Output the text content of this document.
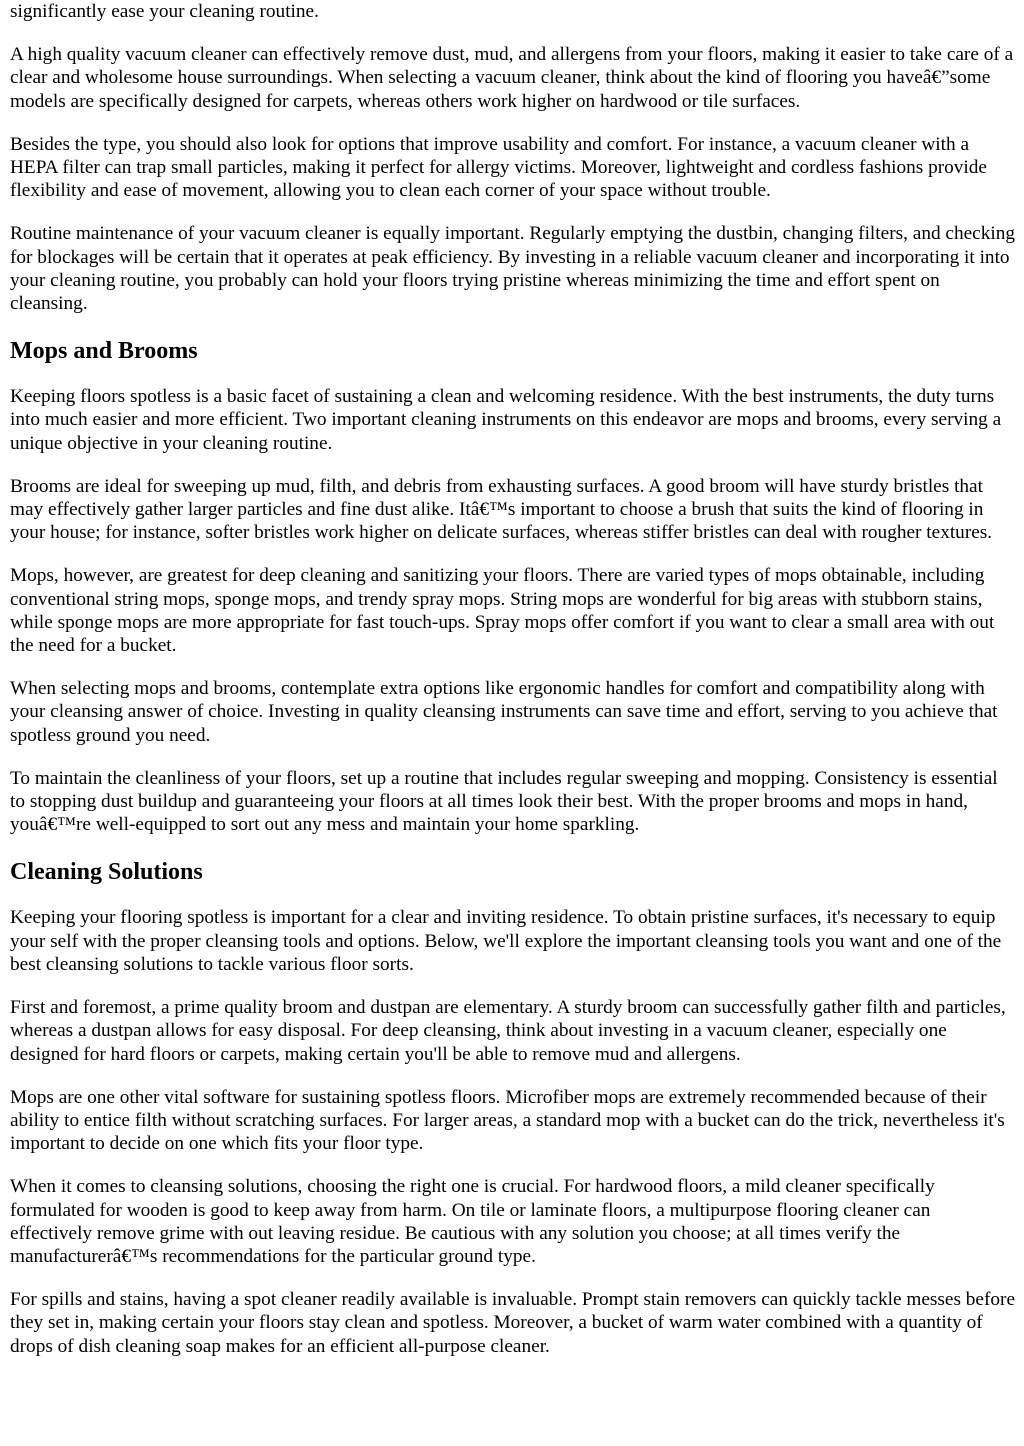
significantly ease your cleaning routine.

A high quality vacuum cleaner can effectively remove dust, mud, and allergens from your floors, making it easier to take care of a clear and wholesome house surroundings. When selecting a vacuum cleaner, think about the kind of flooring you haveâ€”some models are specifically designed for carpets, whereas others work higher on hardwood or tile surfaces.

Besides the type, you should also look for options that improve usability and comfort. For instance, a vacuum cleaner with a HEPA filter can trap small particles, making it perfect for allergy victims. Moreover, lightweight and cordless fashions provide flexibility and ease of movement, allowing you to clean each corner of your space without trouble.

Routine maintenance of your vacuum cleaner is equally important. Regularly emptying the dustbin, changing filters, and checking for blockages will be certain that it operates at peak efficiency. By investing in a reliable vacuum cleaner and incorporating it into your cleaning routine, you probably can hold your floors trying pristine whereas minimizing the time and effort spent on cleansing.

Mops and Brooms

Keeping floors spotless is a basic facet of sustaining a clean and welcoming residence. With the best instruments, the duty turns into much easier and more efficient. Two important cleaning instruments on this endeavor are mops and brooms, every serving a unique objective in your cleaning routine.

Brooms are ideal for sweeping up mud, filth, and debris from exhausting surfaces. A good broom will have sturdy bristles that may effectively gather larger particles and fine dust alike. Itâ€™s important to choose a brush that suits the kind of flooring in your house; for instance, softer bristles work higher on delicate surfaces, whereas stiffer bristles can deal with rougher textures.

Mops, however, are greatest for deep cleaning and sanitizing your floors. There are varied types of mops obtainable, including conventional string mops, sponge mops, and trendy spray mops. String mops are wonderful for big areas with stubborn stains, while sponge mops are more appropriate for fast touch-ups. Spray mops offer comfort if you want to clear a small area with out the need for a bucket.

When selecting mops and brooms, contemplate extra options like ergonomic handles for comfort and compatibility along with your cleansing answer of choice. Investing in quality cleansing instruments can save time and effort, serving to you achieve that spotless ground you need.

To maintain the cleanliness of your floors, set up a routine that includes regular sweeping and mopping. Consistency is essential to stopping dust buildup and guaranteeing your floors at all times look their best. With the proper brooms and mops in hand, youâ€™re well-equipped to sort out any mess and maintain your home sparkling.

Cleaning Solutions

Keeping your flooring spotless is important for a clear and inviting residence. To obtain pristine surfaces, it's necessary to equip your self with the proper cleansing tools and options. Below, we'll explore the important cleansing tools you want and one of the best cleansing solutions to tackle various floor sorts.

First and foremost, a prime quality broom and dustpan are elementary. A sturdy broom can successfully gather filth and particles, whereas a dustpan allows for easy disposal. For deep cleansing, think about investing in a vacuum cleaner, especially one designed for hard floors or carpets, making certain you'll be able to remove mud and allergens.

Mops are one other vital software for sustaining spotless floors. Microfiber mops are extremely recommended because of their ability to entice filth without scratching surfaces. For larger areas, a standard mop with a bucket can do the trick, nevertheless it's important to decide on one which fits your floor type.

When it comes to cleansing solutions, choosing the right one is crucial. For hardwood floors, a mild cleaner specifically formulated for wooden is good to keep away from harm. On tile or laminate floors, a multipurpose flooring cleaner can effectively remove grime with out leaving residue. Be cautious with any solution you choose; at all times verify the manufacturerâ€™s recommendations for the particular ground type.

For spills and stains, having a spot cleaner readily available is invaluable. Prompt stain removers can quickly tackle messes before they set in, making certain your floors stay clean and spotless. Moreover, a bucket of warm water combined with a quantity of drops of dish cleaning soap makes for an efficient all-purpose cleaner.
